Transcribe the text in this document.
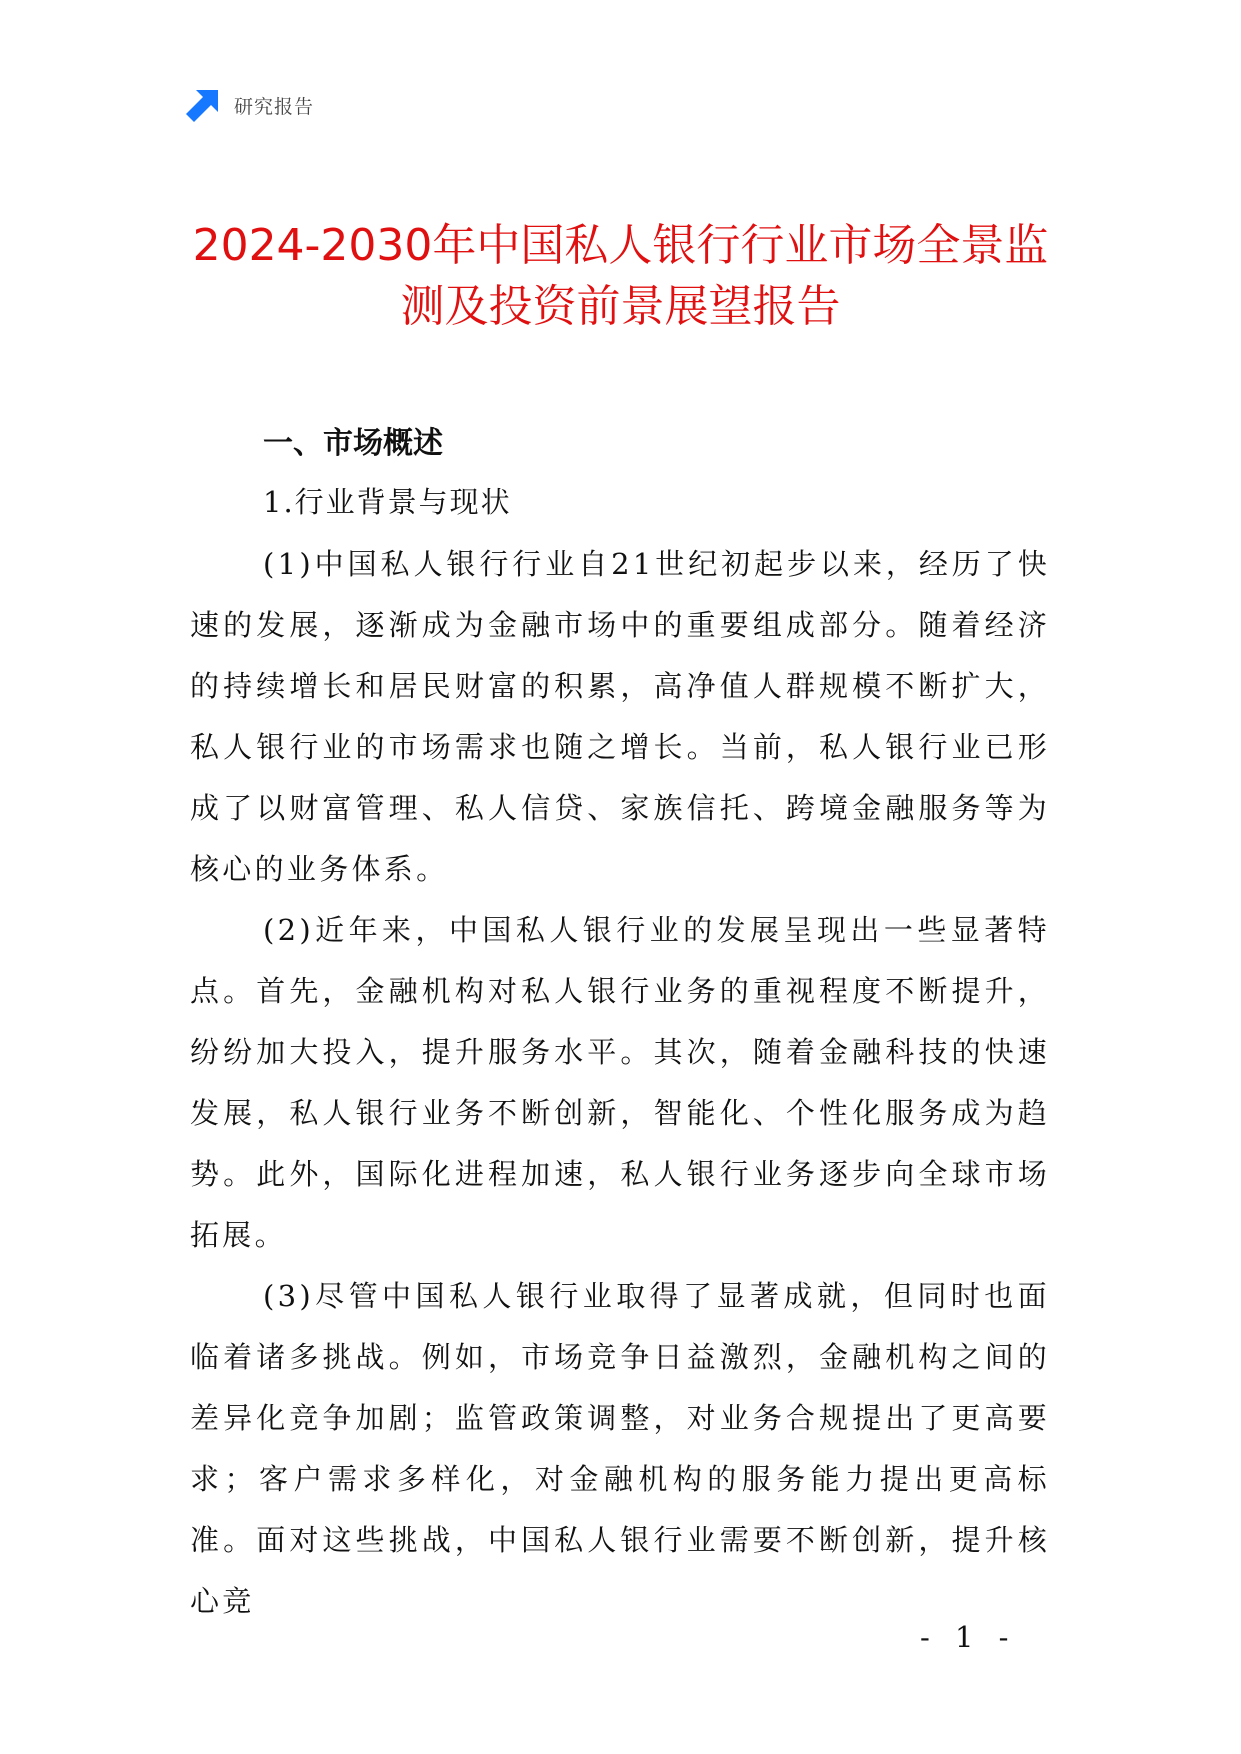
研究报告
2024-2030年中国私人银行行业市场全景监
测及投资前景展望报告
一、市场概述
1.行业背景与现状

(1)中国私人银行行业自21世纪初起步以来，经历了快速的发展，逐渐成为金融市场中的重要组成部分。随着经济的持续增长和居民财富的积累，高净值人群规模不断扩大，私人银行业的市场需求也随之增长。当前，私人银行业已形成了以财富管理、私人信贷、家族信托、跨境金融服务等为核心的业务体系。

(2)近年来，中国私人银行业的发展呈现出一些显著特点。首先，金融机构对私人银行业务的重视程度不断提升，纷纷加大投入，提升服务水平。其次，随着金融科技的快速发展，私人银行业务不断创新，智能化、个性化服务成为趋势。此外，国际化进程加速，私人银行业务逐步向全球市场拓展。

(3)尽管中国私人银行业取得了显著成就，但同时也面临着诸多挑战。例如，市场竞争日益激烈，金融机构之间的差异化竞争加剧；监管政策调整，对业务合规提出了更高要求；客户需求多样化，对金融机构的服务能力提出更高标准。面对这些挑战，中国私人银行业需要不断创新，提升核心竞

- 1 -
